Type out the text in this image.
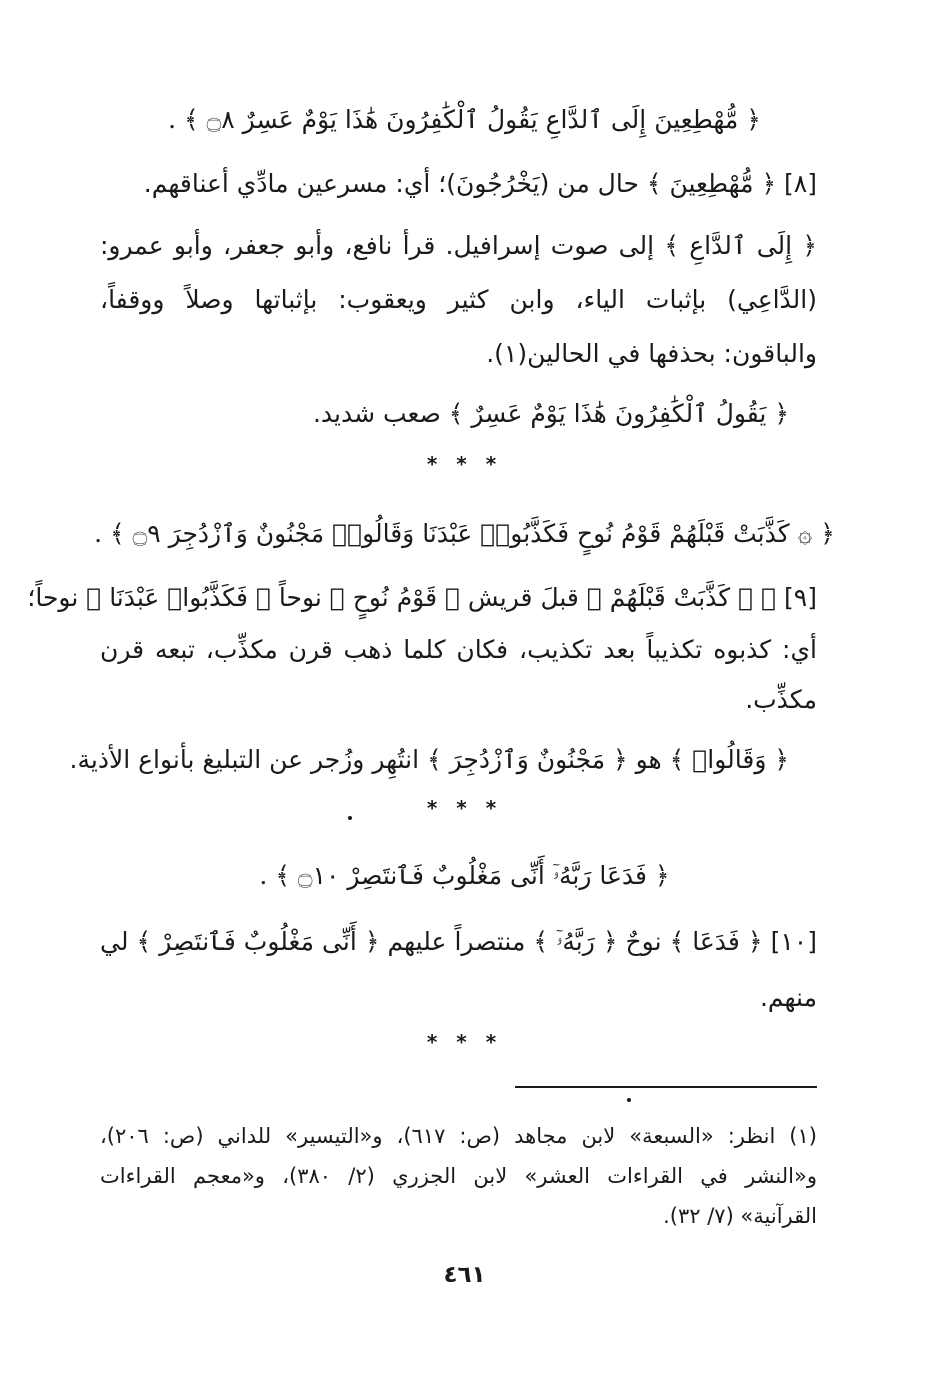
﴿ مُّهْطِعِينَ إِلَى ٱلدَّاعِ يَقُولُ ٱلْكَٰفِرُونَ هَٰذَا يَوْمٌ عَسِرٌ ۝٨ ﴾ .
[٨] ﴿ مُّهْطِعِينَ ﴾ حال من (يَخْرُجُونَ)؛ أي: مسرعين مادِّي أعناقهم.
﴿ إِلَى ٱلدَّاعِ ﴾ إلى صوت إسرافيل. قرأ نافع، وأبو جعفر، وأبو عمرو:
(الدَّاعِي) بإثبات الياء، وابن كثير ويعقوب: بإثباتها وصلاً ووقفاً،
والباقون: بحذفها في الحالين(١).
﴿ يَقُولُ ٱلْكَٰفِرُونَ هَٰذَا يَوْمٌ عَسِرٌ ﴾ صعب شديد.
* * *
﴿ ۞ كَذَّبَتْ قَبْلَهُمْ قَوْمُ نُوحٍ فَكَذَّبُوا۟ عَبْدَنَا وَقَالُوا۟ مَجْنُونٌ وَٱزْدُجِرَ ۝٩ ﴾ .
[٩] ﴿ ۞ كَذَّبَتْ قَبْلَهُمْ ﴾ قبلَ قريش ﴿ قَوْمُ نُوحٍ ﴾ نوحاً ﴿ فَكَذَّبُوا۟ عَبْدَنَا ﴾ نوحاً؛
أي: كذبوه تكذيباً بعد تكذيب، فكان كلما ذهب قرن مكذِّب، تبعه قرن
مكذِّب.
﴿ وَقَالُوا۟ ﴾ هو ﴿ مَجْنُونٌ وَٱزْدُجِرَ ﴾ انتُهِر وزُجر عن التبليغ بأنواع الأذية.
* * *
﴿ فَدَعَا رَبَّهُۥٓ أَنِّى مَغْلُوبٌ فَٱنتَصِرْ ۝١٠ ﴾ .
[١٠] ﴿ فَدَعَا ﴾ نوحٌ ﴿ رَبَّهُۥٓ ﴾ منتصراً عليهم ﴿ أَنِّى مَغْلُوبٌ فَٱنتَصِرْ ﴾ لي
منهم.
* * *
(١) انظر: «السبعة» لابن مجاهد (ص: ٦١٧)، و«التيسير» للداني (ص: ٢٠٦)،
و«النشر في القراءات العشر» لابن الجزري (٢/ ٣٨٠)، و«معجم القراءات
القرآنية» (٧/ ٣٢).
٤٦١
